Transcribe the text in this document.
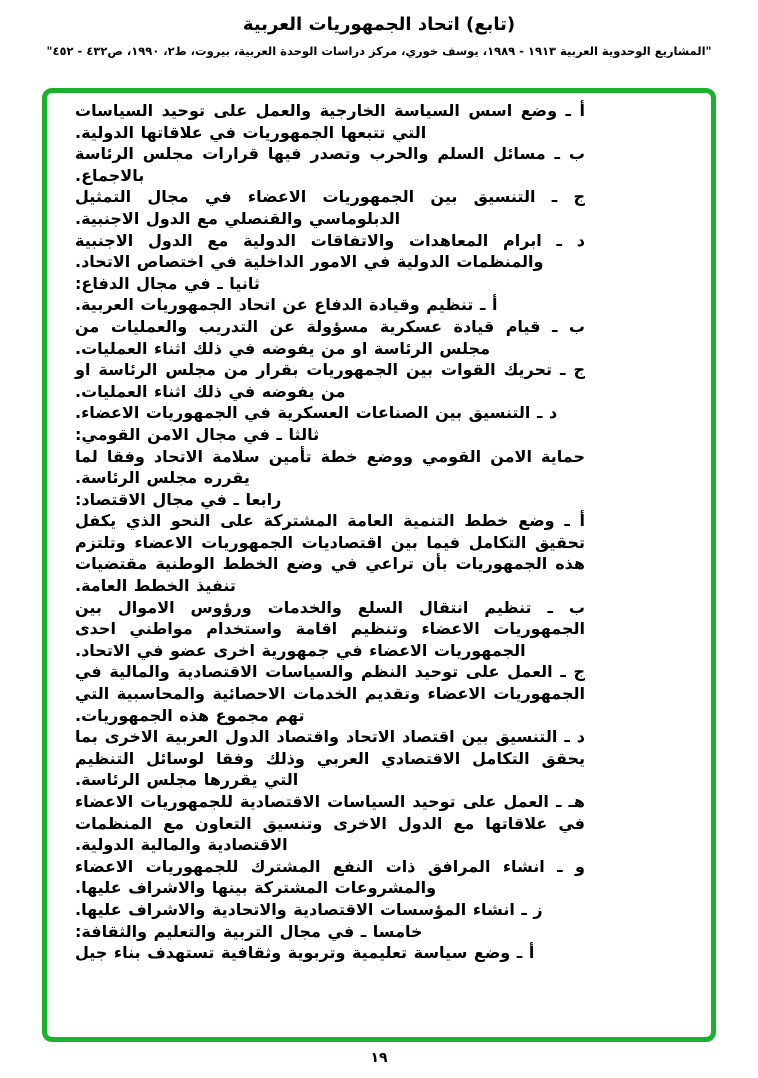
(تابع) اتحاد الجمهوريات العربية
"المشاريع الوحدوية العربية ١٩١٣ - ١٩٨٩، يوسف خوري، مركز دراسات الوحدة العربية، بيروت، ط٢، ١٩٩٠، ص٤٣٢ - ٤٥٢"

أ ـ وضع اسس السياسة الخارجية والعمل على توحيد السياسات التي تتبعها الجمهوريات في علاقاتها الدولية.

ب ـ مسائل السلم والحرب وتصدر فيها قرارات مجلس الرئاسة بالاجماع.

ج ـ التنسيق بين الجمهوريات الاعضاء في مجال التمثيل الدبلوماسي والقنصلي مع الدول الاجنبية.

د ـ ابرام المعاهدات والاتفاقات الدولية مع الدول الاجنبية والمنظمات الدولية في الامور الداخلية في اختصاص الاتحاد.

ثانيا ـ في مجال الدفاع:

أ ـ تنظيم وقيادة الدفاع عن اتحاد الجمهوريات العربية.

ب ـ قيام قيادة عسكرية مسؤولة عن التدريب والعمليات من مجلس الرئاسة او من يفوضه في ذلك اثناء العمليات.

ج ـ تحريك القوات بين الجمهوريات بقرار من مجلس الرئاسة او من يفوضه في ذلك اثناء العمليات.

د ـ التنسيق بين الصناعات العسكرية في الجمهوريات الاعضاء.

ثالثا ـ في مجال الامن القومي:

حماية الامن القومي ووضع خطة تأمين سلامة الاتحاد وفقا لما يقرره مجلس الرئاسة.

رابعا ـ في مجال الاقتصاد:

أ ـ وضع خطط التنمية العامة المشتركة على النحو الذي يكفل تحقيق التكامل فيما بين اقتصاديات الجمهوريات الاعضاء وتلتزم هذه الجمهوريات بأن تراعي في وضع الخطط الوطنية مقتضيات تنفيذ الخطط العامة.

ب ـ تنظيم انتقال السلع والخدمات ورؤوس الاموال بين الجمهوريات الاعضاء وتنظيم اقامة واستخدام مواطني احدى الجمهوريات الاعضاء في جمهورية اخرى عضو في الاتحاد.

ج ـ العمل على توحيد النظم والسياسات الاقتصادية والمالية في الجمهوريات الاعضاء وتقديم الخدمات الاحصائية والمحاسبية التي تهم مجموع هذه الجمهوريات.

د ـ التنسيق بين اقتصاد الاتحاد واقتصاد الدول العربية الاخرى بما يحقق التكامل الاقتصادي العربي وذلك وفقا لوسائل التنظيم التي يقررها مجلس الرئاسة.

هـ ـ العمل على توحيد السياسات الاقتصادية للجمهوريات الاعضاء في علاقاتها مع الدول الاخرى وتنسيق التعاون مع المنظمات الاقتصادية والمالية الدولية.

و ـ انشاء المرافق ذات النفع المشترك للجمهوريات الاعضاء والمشروعات المشتركة بينها والاشراف عليها.

ز ـ انشاء المؤسسات الاقتصادية والاتحادية والاشراف عليها.

خامسا ـ في مجال التربية والتعليم والثقافة:

أ ـ وضع سياسة تعليمية وتربوية وثقافية تستهدف بناء جيل

١٩
